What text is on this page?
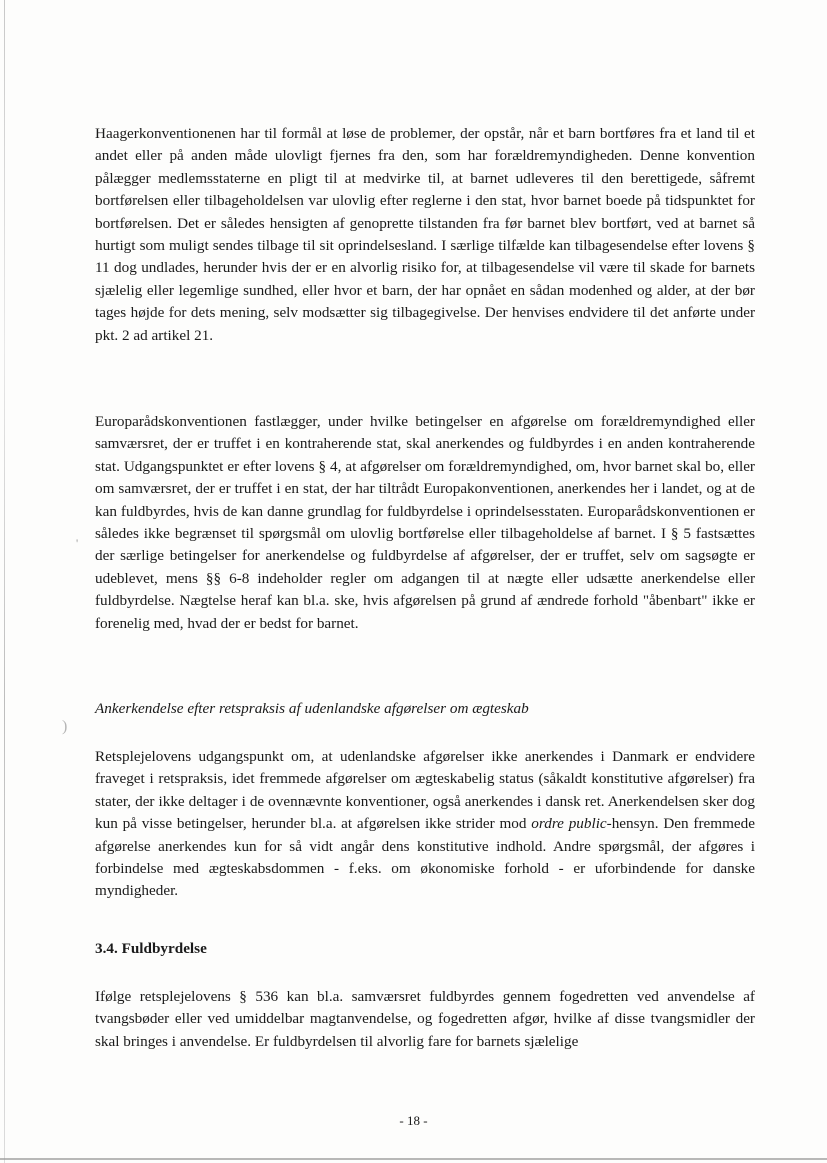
Haagerkonventionenen har til formål at løse de problemer, der opstår, når et barn bortføres fra et land til et andet eller på anden måde ulovligt fjernes fra den, som har forældremyndigheden. Denne konvention pålægger medlemsstaterne en pligt til at medvirke til, at barnet udleveres til den berettigede, såfremt bortførelsen eller tilbageholdelsen var ulovlig efter reglerne i den stat, hvor barnet boede på tidspunktet for bortførelsen. Det er således hensigten af genoprette tilstanden fra før barnet blev bortført, ved at barnet så hurtigt som muligt sendes tilbage til sit oprindelsesland. I særlige tilfælde kan tilbagesendelse efter lovens § 11 dog undlades, herunder hvis der er en alvorlig risiko for, at tilbagesendelse vil være til skade for barnets sjælelig eller legemlige sundhed, eller hvor et barn, der har opnået en sådan modenhed og alder, at der bør tages højde for dets mening, selv modsætter sig tilbagegivelse. Der henvises endvidere til det anførte under pkt. 2 ad artikel 21.

'

Europarådskonventionen fastlægger, under hvilke betingelser en afgørelse om forældremyndighed eller samværsret, der er truffet i en kontraherende stat, skal anerkendes og fuldbyrdes i en anden kontraherende stat. Udgangspunktet er efter lovens § 4, at afgørelser om forældremyndighed, om, hvor barnet skal bo, eller om samværsret, der er truffet i en stat, der har tiltrådt Europakonventionen, anerkendes her i landet, og at de kan fuldbyrdes, hvis de kan danne grundlag for fuldbyrdelse i oprindelsesstaten. Europarådskonventionen er således ikke begrænset til spørgsmål om ulovlig bortførelse eller tilbageholdelse af barnet. I § 5 fastsættes der særlige betingelser for anerkendelse og fuldbyrdelse af afgørelser, der er truffet, selv om sagsøgte er udeblevet, mens §§ 6-8 indeholder regler om adgangen til at nægte eller udsætte anerkendelse eller fuldbyrdelse. Nægtelse heraf kan bl.a. ske, hvis afgørelsen på grund af ændrede forhold "åbenbart" ikke er forenelig med, hvad der er bedst for barnet.

Ankerkendelse efter retspraksis af udenlandske afgørelser om ægteskab

)

Retsplejelovens udgangspunkt om, at udenlandske afgørelser ikke anerkendes i Danmark er endvidere fraveget i retspraksis, idet fremmede afgørelser om ægteskabelig status (såkaldt konstitutive afgørelser) fra stater, der ikke deltager i de ovennævnte konventioner, også anerkendes i dansk ret. Anerkendelsen sker dog kun på visse betingelser, herunder bl.a. at afgørelsen ikke strider mod ordre public-hensyn. Den fremmede afgørelse anerkendes kun for så vidt angår dens konstitutive indhold. Andre spørgsmål, der afgøres i forbindelse med ægteskabsdommen - f.eks. om økonomiske forhold - er uforbindende for danske myndigheder.

3.4. Fuldbyrdelse

Ifølge retsplejelovens § 536 kan bl.a. samværsret fuldbyrdes gennem fogedretten ved anvendelse af tvangsbøder eller ved umiddelbar magtanvendelse, og fogedretten afgør, hvilke af disse tvangsmidler der skal bringes i anvendelse. Er fuldbyrdelsen til alvorlig fare for barnets sjælelige

- 18 -
